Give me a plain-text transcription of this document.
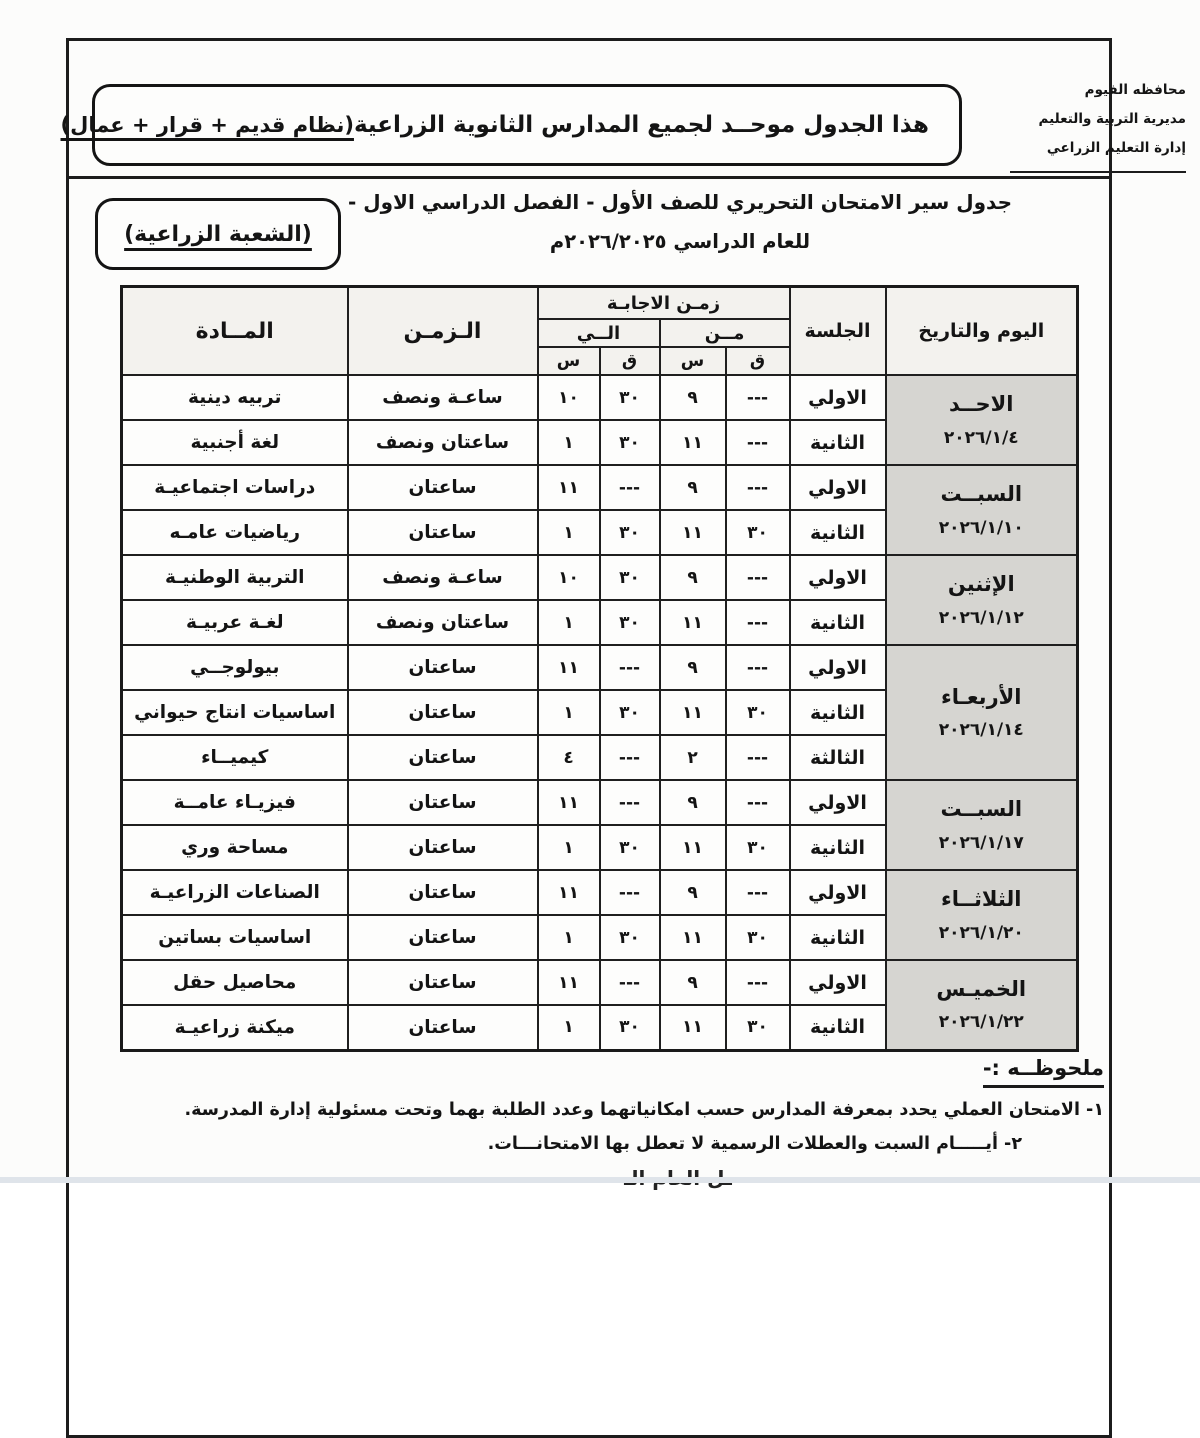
محافظه الفيوم
مديرية التربية والتعليم
إدارة التعليم الزراعي
هذا الجدول موحــد لجميع المدارس الثانوية الزراعية
(نظام قديم + قرار + عمال)
جدول سير الامتحان التحريري للصف الأول - الفصل الدراسي الاول -
للعام الدراسي ٢٠٢٦/٢٠٢٥م
(الشعبة الزراعية)
اليوم والتاريخ	الجلسة	زمـن الاجابـة				الـزمـن	المــادة
		مــن		الــي			
		ق	س	ق	س		

الاحــد
٢٠٢٦/١/٤	الاولي	---	٩	٣٠	١٠	ساعـة ونصف	تربيه دينية
	الثانية	---	١١	٣٠	١	ساعتان ونصف	لغة أجنبية

السبــت
٢٠٢٦/١/١٠	الاولي	---	٩	---	١١	ساعتان	دراسات اجتماعيـة
	الثانية	٣٠	١١	٣٠	١	ساعتان	رياضيات عامـه

الإثنين
٢٠٢٦/١/١٢	الاولي	---	٩	٣٠	١٠	ساعـة ونصف	التربية الوطنيـة
	الثانية	---	١١	٣٠	١	ساعتان ونصف	لغـة عربيـة

الأربعـاء
٢٠٢٦/١/١٤	الاولي	---	٩	---	١١	ساعتان	بيولوجــي
	الثانية	٣٠	١١	٣٠	١	ساعتان	اساسيات انتاج حيواني
	الثالثة	---	٢	---	٤	ساعتان	كيميــاء

السبــت
٢٠٢٦/١/١٧	الاولي	---	٩	---	١١	ساعتان	فيزيـاء عامــة
	الثانية	٣٠	١١	٣٠	١	ساعتان	مساحة وري

الثلاثــاء
٢٠٢٦/١/٢٠	الاولي	---	٩	---	١١	ساعتان	الصناعات الزراعيـة
	الثانية	٣٠	١١	٣٠	١	ساعتان	اساسيات بساتين

الخميـس
٢٠٢٦/١/٢٢	الاولي	---	٩	---	١١	ساعتان	محاصيل حقل
	الثانية	٣٠	١١	٣٠	١	ساعتان	ميكنة زراعيـة
ملحوظــه :-
١- الامتحان العملي يحدد بمعرفة المدارس حسب امكانياتهما وعدد الطلبة بهما وتحت مسئولية إدارة المدرسة.
٢- أيـــــام السبت والعطلات الرسمية لا تعطل بها الامتحانـــات.
